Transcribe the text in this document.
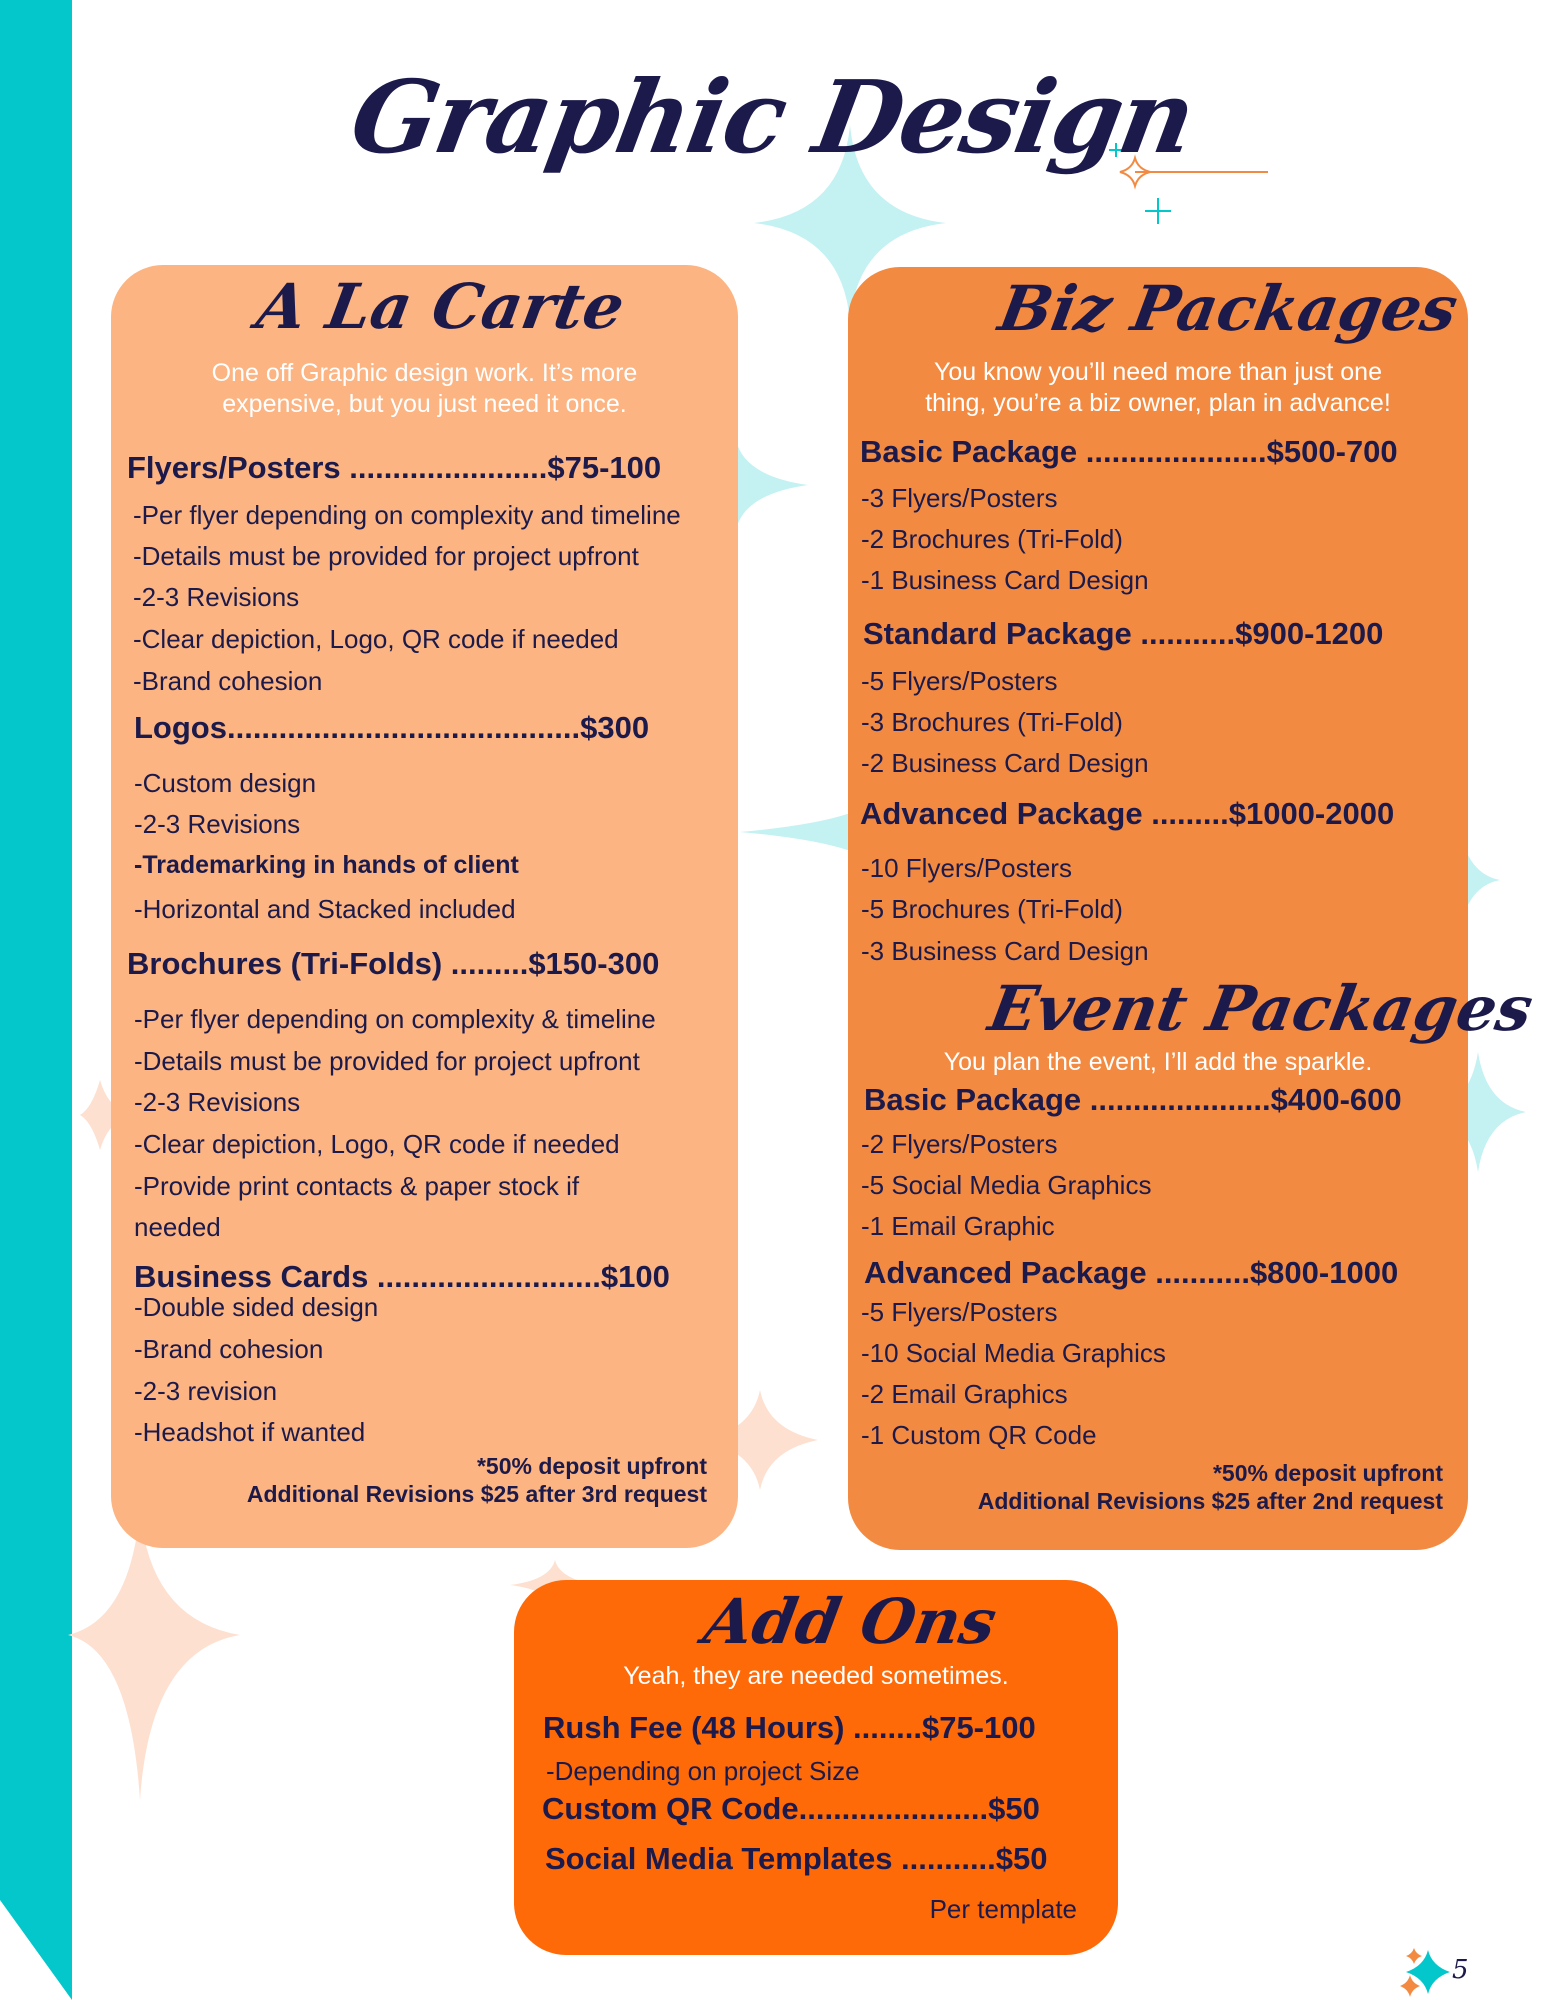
Graphic Design
A La Carte
One off Graphic design work. It’s more
expensive, but you just need it once.
Flyers/Posters .......................$75-100
-Per flyer depending on complexity and timeline
-Details must be provided for project upfront
-2-3 Revisions
-Clear depiction, Logo, QR code if needed
-Brand cohesion
Logos.........................................$300
-Custom design
-2-3 Revisions
-Trademarking in hands of client
-Horizontal and Stacked included
Brochures (Tri-Folds) .........$150-300
-Per flyer depending on complexity & timeline
-Details must be provided for project upfront
-2-3 Revisions
-Clear depiction, Logo, QR code if needed
-Provide print contacts & paper stock if
needed
Business Cards ..........................$100
-Double sided design
-Brand cohesion
-2-3 revision
-Headshot if wanted
*50% deposit upfront
Additional Revisions $25 after 3rd request
Biz Packages
You know you’ll need more than just one
thing, you’re a biz owner, plan in advance!
Basic Package .....................$500-700
-3 Flyers/Posters
-2 Brochures (Tri-Fold)
-1 Business Card Design
Standard Package ...........$900-1200
-5 Flyers/Posters
-3 Brochures (Tri-Fold)
-2 Business Card Design
Advanced Package .........$1000-2000
-10 Flyers/Posters
-5 Brochures (Tri-Fold)
-3 Business Card Design
Event Packages
You plan the event, I’ll add the sparkle.
Basic Package .....................$400-600
-2 Flyers/Posters
-5 Social Media Graphics
-1 Email Graphic
Advanced Package ...........$800-1000
-5 Flyers/Posters
-10 Social Media Graphics
-2 Email Graphics
-1 Custom QR Code
*50% deposit upfront
Additional Revisions $25 after 2nd request
Add Ons
Yeah, they are needed sometimes.
Rush Fee (48 Hours) ........$75-100
-Depending on project Size
Custom QR Code......................$50
Social Media Templates ...........$50
Per template
5
